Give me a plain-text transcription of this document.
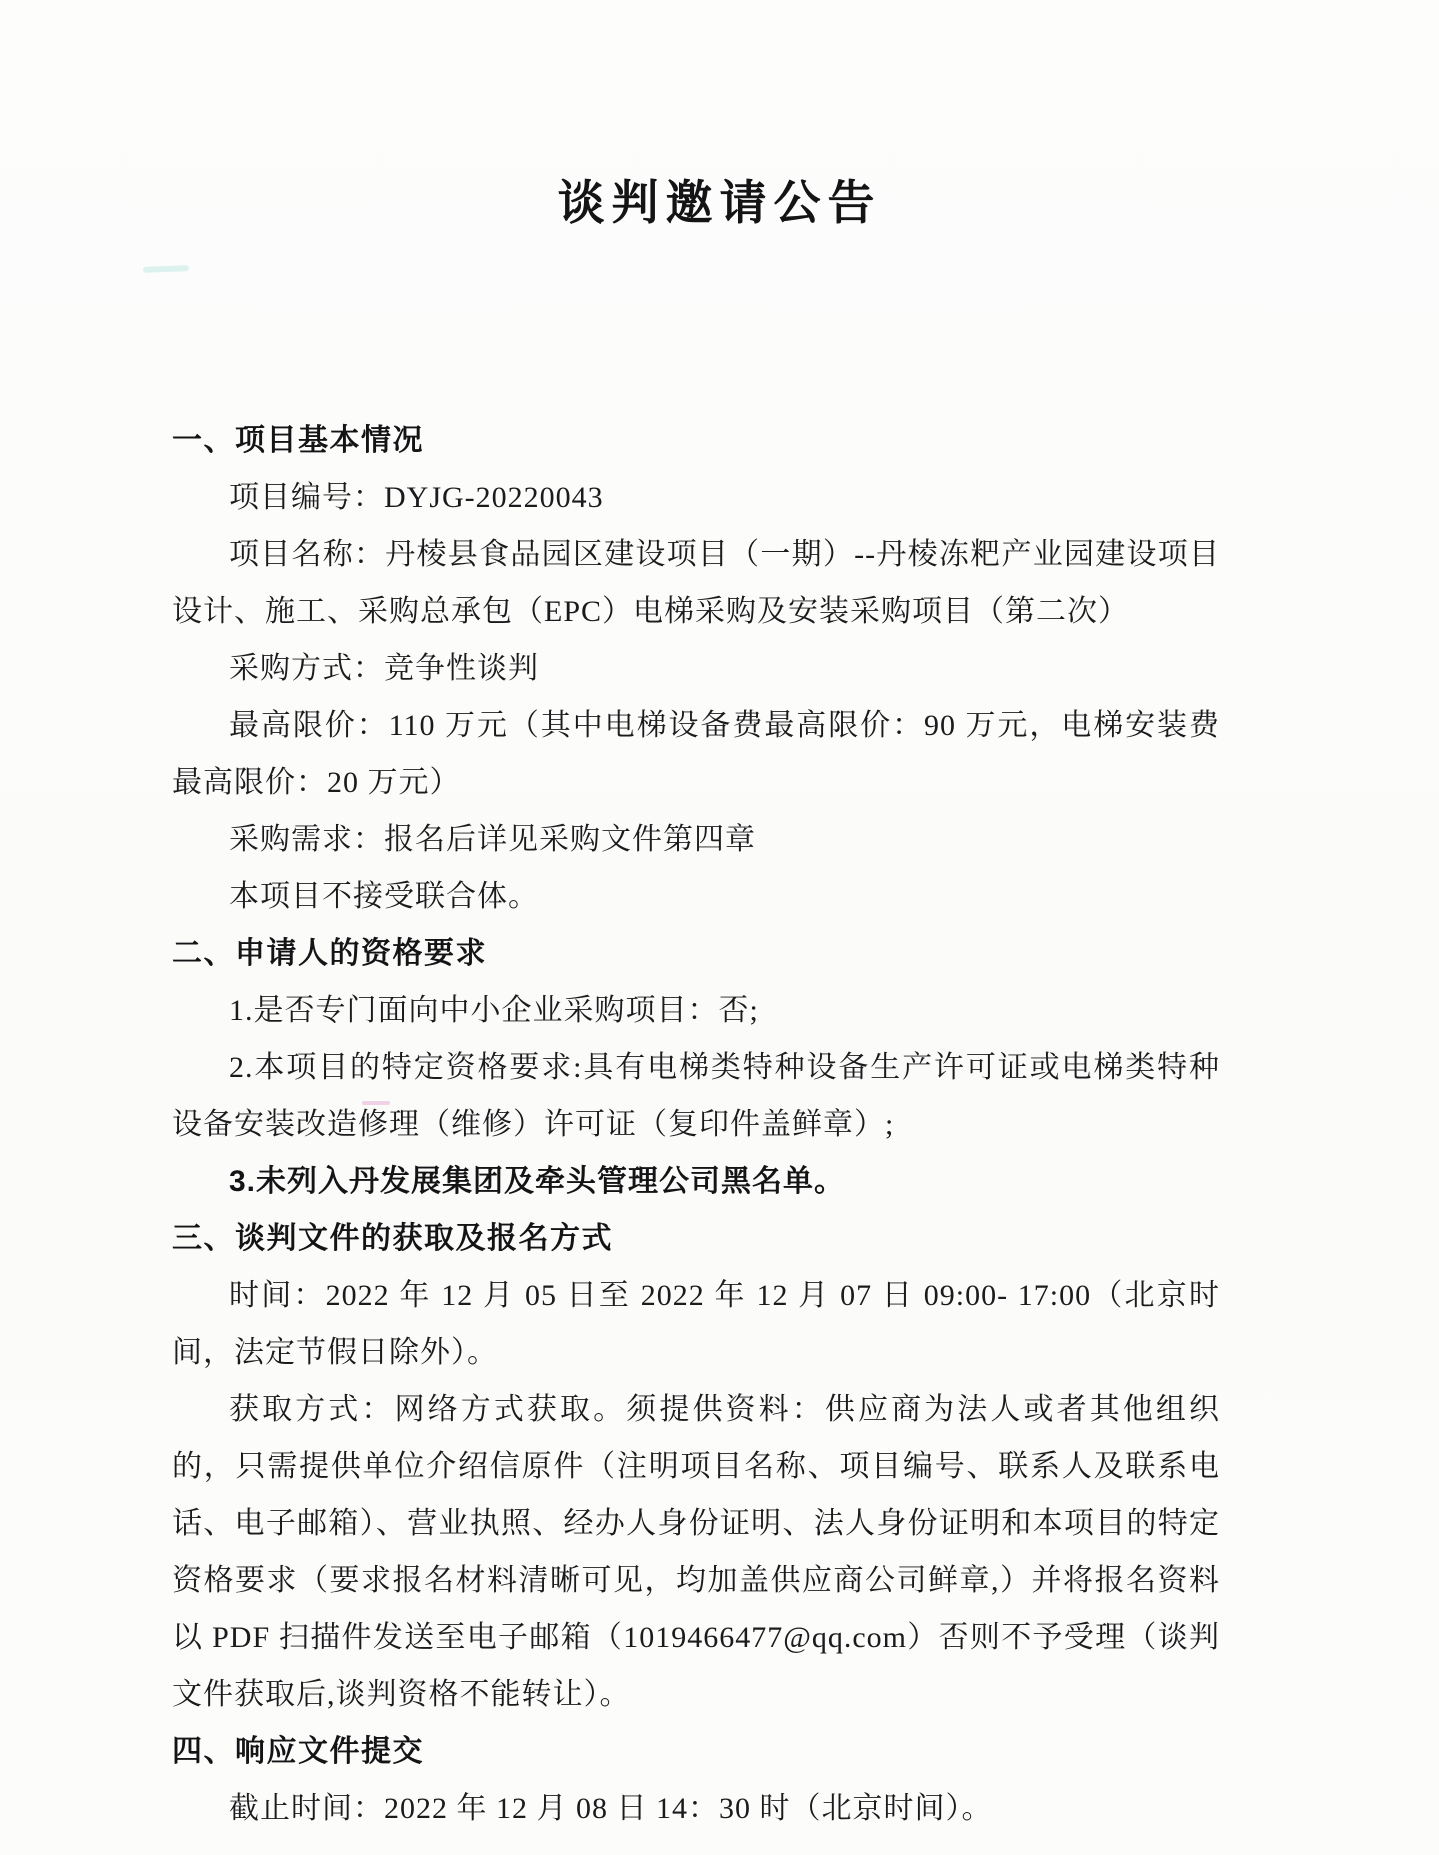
谈判邀请公告
一、项目基本情况

项目编号：DYJG-20220043

项目名称：丹棱县食品园区建设项目（一期）--丹棱冻粑产业园建设项目设计、施工、采购总承包（EPC）电梯采购及安装采购项目（第二次）

采购方式：竞争性谈判

最高限价：110 万元（其中电梯设备费最高限价：90 万元，电梯安装费最高限价：20 万元）

采购需求：报名后详见采购文件第四章

本项目不接受联合体。

二、申请人的资格要求

1.是否专门面向中小企业采购项目：否;

2.本项目的特定资格要求:具有电梯类特种设备生产许可证或电梯类特种设备安装改造修理（维修）许可证（复印件盖鲜章）;

3.未列入丹发展集团及牵头管理公司黑名单。

三、谈判文件的获取及报名方式

时间：2022 年 12 月 05 日至 2022 年 12 月 07 日 09:00- 17:00（北京时间，法定节假日除外）。

获取方式：网络方式获取。须提供资料：供应商为法人或者其他组织的，只需提供单位介绍信原件（注明项目名称、项目编号、联系人及联系电话、电子邮箱）、营业执照、经办人身份证明、法人身份证明和本项目的特定资格要求（要求报名材料清晰可见，均加盖供应商公司鲜章,）并将报名资料以 PDF 扫描件发送至电子邮箱（1019466477@qq.com）否则不予受理（谈判文件获取后,谈判资格不能转让）。

四、响应文件提交

截止时间：2022 年 12 月 08 日 14：30 时（北京时间）。
